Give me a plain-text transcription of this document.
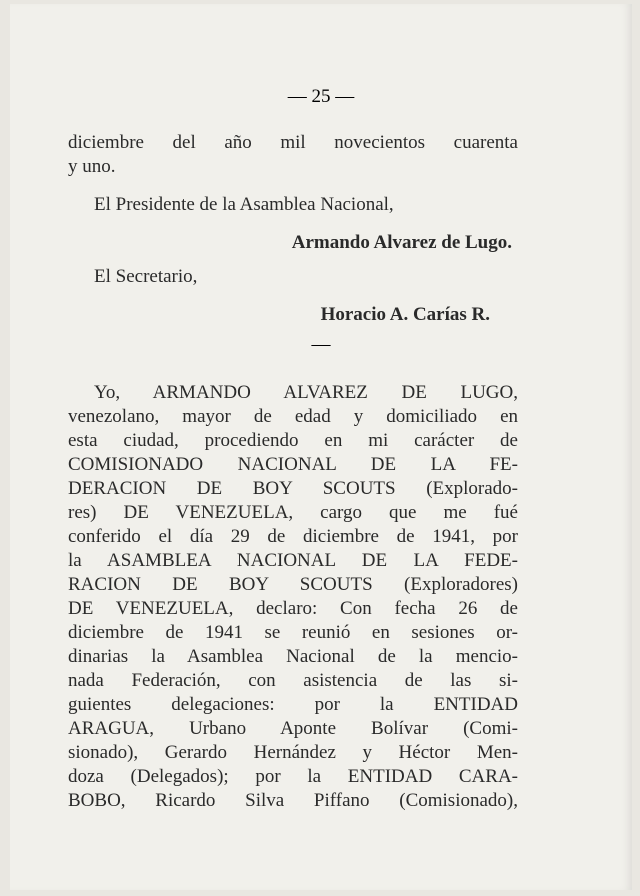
— 25 —
diciembre del año mil novecientos cuarenta
y uno.
El Presidente de la Asamblea Nacional,
Armando Alvarez de Lugo.
El Secretario,
Horacio A. Carías R.
—
Yo, ARMANDO ALVAREZ DE LUGO,
venezolano, mayor de edad y domiciliado en
esta ciudad, procediendo en mi carácter de
COMISIONADO NACIONAL DE LA FE-
DERACION DE BOY SCOUTS (Explorado-
res) DE VENEZUELA, cargo que me fué
conferido el día 29 de diciembre de 1941, por
la ASAMBLEA NACIONAL DE LA FEDE-
RACION DE BOY SCOUTS (Exploradores)
DE VENEZUELA, declaro: Con fecha 26 de
diciembre de 1941 se reunió en sesiones or-
dinarias la Asamblea Nacional de la mencio-
nada Federación, con asistencia de las si-
guientes delegaciones: por la ENTIDAD
ARAGUA, Urbano Aponte Bolívar (Comi-
sionado), Gerardo Hernández y Héctor Men-
doza (Delegados); por la ENTIDAD CARA-
BOBO, Ricardo Silva Piffano (Comisionado),
